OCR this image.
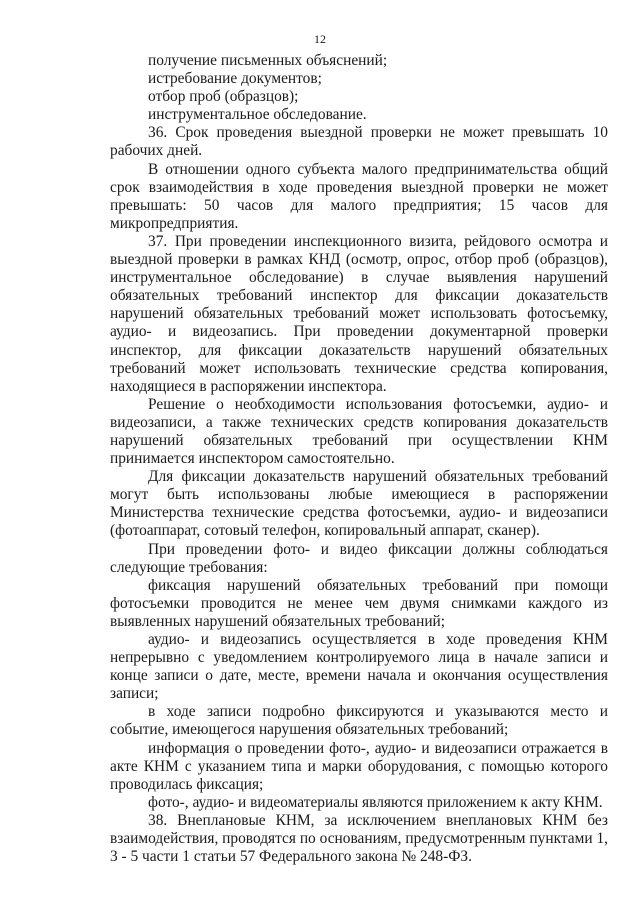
12

получение письменных объяснений;

истребование документов;

отбор проб (образцов);

инструментальное обследование.

36. Срок проведения выездной проверки не может превышать 10 рабочих дней.

В отношении одного субъекта малого предпринимательства общий срок взаимодействия в ходе проведения выездной проверки не может превышать: 50 часов для малого предприятия; 15 часов для микропредприятия.

37. При проведении инспекционного визита, рейдового осмотра и выездной проверки в рамках КНД (осмотр, опрос, отбор проб (образцов), инструментальное обследование) в случае выявления нарушений обязательных требований инспектор для фиксации доказательств нарушений обязательных требований может использовать фотосъемку, аудио- и видеозапись. При проведении документарной проверки инспектор, для фиксации доказательств нарушений обязательных требований может использовать технические средства копирования, находящиеся в распоряжении инспектора.

Решение о необходимости использования фотосъемки, аудио- и видеозаписи, а также технических средств копирования доказательств нарушений обязательных требований при осуществлении КНМ принимается инспектором самостоятельно.

Для фиксации доказательств нарушений обязательных требований могут быть использованы любые имеющиеся в распоряжении Министерства технические средства фотосъемки, аудио- и видеозаписи (фотоаппарат, сотовый телефон, копировальный аппарат, сканер).

При проведении фото- и видео фиксации должны соблюдаться следующие требования:

фиксация нарушений обязательных требований при помощи фотосъемки проводится не менее чем двумя снимками каждого из выявленных нарушений обязательных требований;

аудио- и видеозапись осуществляется в ходе проведения КНМ непрерывно с уведомлением контролируемого лица в начале записи и конце записи о дате, месте, времени начала и окончания осуществления записи;

в ходе записи подробно фиксируются и указываются место и событие, имеющегося нарушения обязательных требований;

информация о проведении фото-, аудио- и видеозаписи отражается в акте КНМ с указанием типа и марки оборудования, с помощью которого проводилась фиксация;

фото-, аудио- и видеоматериалы являются приложением к акту КНМ.

38. Внеплановые КНМ, за исключением внеплановых КНМ без взаимодействия, проводятся по основаниям, предусмотренным пунктами 1, 3 - 5 части 1 статьи 57 Федерального закона № 248-ФЗ.
